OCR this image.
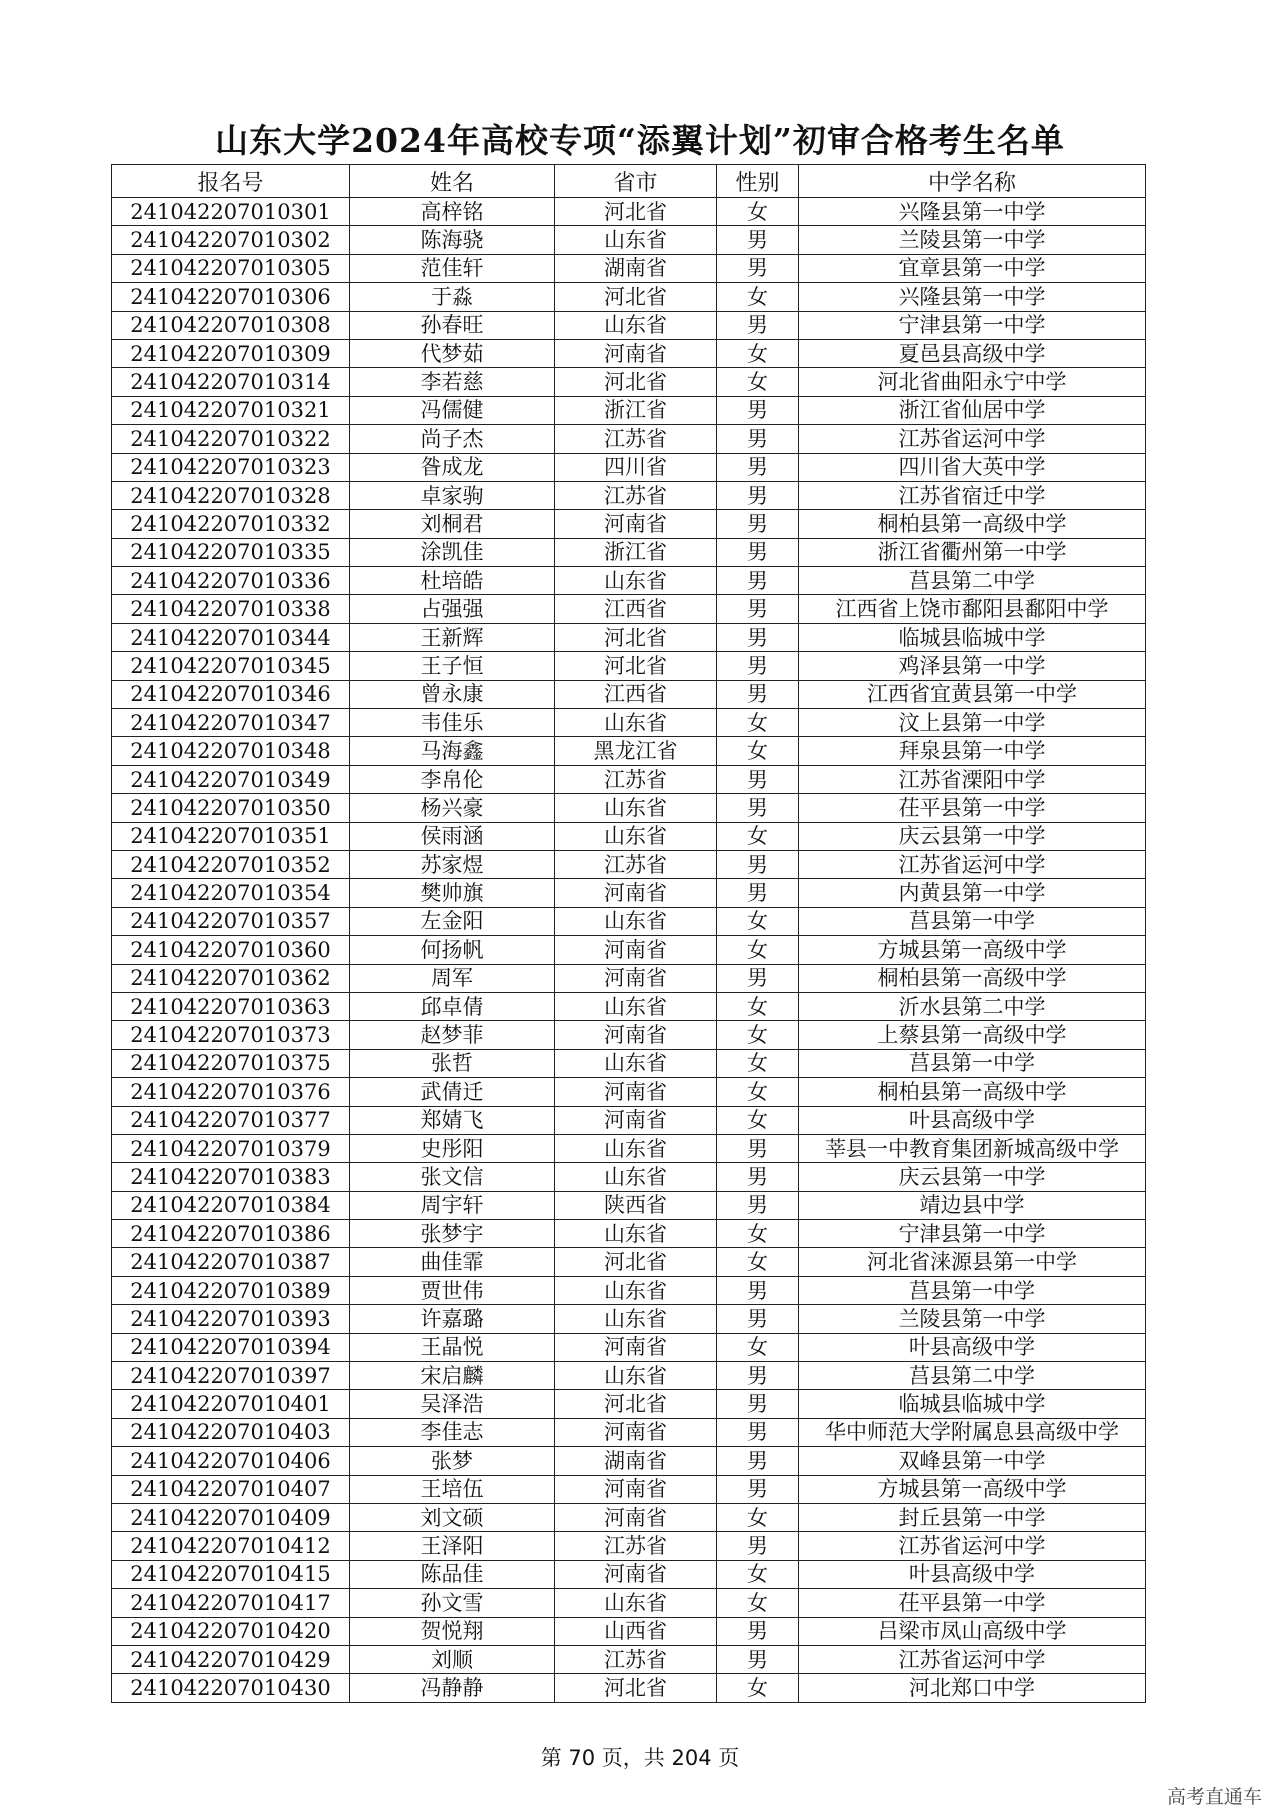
山东大学2024年高校专项“添翼计划”初审合格考生名单
报名号	姓名	省市	性别	中学名称
241042207010301	高梓铭	河北省	女	兴隆县第一中学
241042207010302	陈海骁	山东省	男	兰陵县第一中学
241042207010305	范佳轩	湖南省	男	宜章县第一中学
241042207010306	于淼	河北省	女	兴隆县第一中学
241042207010308	孙春旺	山东省	男	宁津县第一中学
241042207010309	代梦茹	河南省	女	夏邑县高级中学
241042207010314	李若慈	河北省	女	河北省曲阳永宁中学
241042207010321	冯儒健	浙江省	男	浙江省仙居中学
241042207010322	尚子杰	江苏省	男	江苏省运河中学
241042207010323	昝成龙	四川省	男	四川省大英中学
241042207010328	卓家驹	江苏省	男	江苏省宿迁中学
241042207010332	刘桐君	河南省	男	桐柏县第一高级中学
241042207010335	涂凯佳	浙江省	男	浙江省衢州第一中学
241042207010336	杜培皓	山东省	男	莒县第二中学
241042207010338	占强强	江西省	男	江西省上饶市鄱阳县鄱阳中学
241042207010344	王新辉	河北省	男	临城县临城中学
241042207010345	王子恒	河北省	男	鸡泽县第一中学
241042207010346	曾永康	江西省	男	江西省宜黄县第一中学
241042207010347	韦佳乐	山东省	女	汶上县第一中学
241042207010348	马海鑫	黑龙江省	女	拜泉县第一中学
241042207010349	李帛伦	江苏省	男	江苏省溧阳中学
241042207010350	杨兴豪	山东省	男	茌平县第一中学
241042207010351	侯雨涵	山东省	女	庆云县第一中学
241042207010352	苏家煜	江苏省	男	江苏省运河中学
241042207010354	樊帅旗	河南省	男	内黄县第一中学
241042207010357	左金阳	山东省	女	莒县第一中学
241042207010360	何扬帆	河南省	女	方城县第一高级中学
241042207010362	周军	河南省	男	桐柏县第一高级中学
241042207010363	邱卓倩	山东省	女	沂水县第二中学
241042207010373	赵梦菲	河南省	女	上蔡县第一高级中学
241042207010375	张哲	山东省	女	莒县第一中学
241042207010376	武倩迁	河南省	女	桐柏县第一高级中学
241042207010377	郑婧飞	河南省	女	叶县高级中学
241042207010379	史彤阳	山东省	男	莘县一中教育集团新城高级中学
241042207010383	张文信	山东省	男	庆云县第一中学
241042207010384	周宇轩	陕西省	男	靖边县中学
241042207010386	张梦宇	山东省	女	宁津县第一中学
241042207010387	曲佳霏	河北省	女	河北省涞源县第一中学
241042207010389	贾世伟	山东省	男	莒县第一中学
241042207010393	许嘉璐	山东省	男	兰陵县第一中学
241042207010394	王晶悦	河南省	女	叶县高级中学
241042207010397	宋启麟	山东省	男	莒县第二中学
241042207010401	吴泽浩	河北省	男	临城县临城中学
241042207010403	李佳志	河南省	男	华中师范大学附属息县高级中学
241042207010406	张梦	湖南省	男	双峰县第一中学
241042207010407	王培伍	河南省	男	方城县第一高级中学
241042207010409	刘文硕	河南省	女	封丘县第一中学
241042207010412	王泽阳	江苏省	男	江苏省运河中学
241042207010415	陈品佳	河南省	女	叶县高级中学
241042207010417	孙文雪	山东省	女	茌平县第一中学
241042207010420	贺悦翔	山西省	男	吕梁市凤山高级中学
241042207010429	刘顺	江苏省	男	江苏省运河中学
241042207010430	冯静静	河北省	女	河北郑口中学
第 70 页，共 204 页
高考直通车
